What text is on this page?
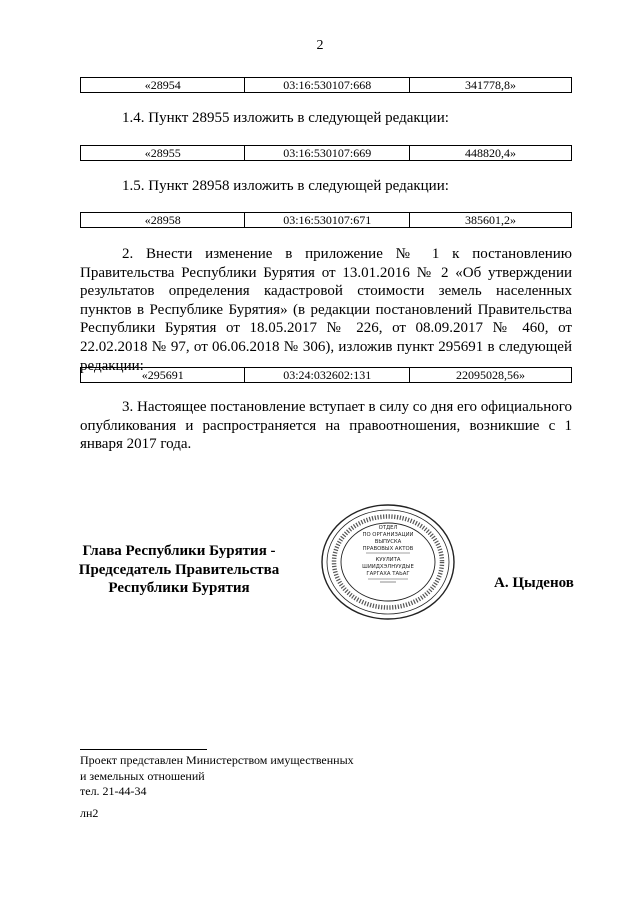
2
«28954	03:16:530107:668	341778,8»

1.4. Пункт 28955 изложить в следующей редакции:

«28955	03:16:530107:669	448820,4»

1.5. Пункт 28958 изложить в следующей редакции:

«28958	03:16:530107:671	385601,2»

2. Внести изменение в приложение № 1 к постановлению Правительства Республики Бурятия от 13.01.2016 № 2 «Об утверждении результатов определения кадастровой стоимости земель населенных пунктов в Республике Бурятия» (в редакции постановлений Правительства Республики Бурятия от 18.05.2017 № 226, от 08.09.2017 № 460, от 22.02.2018 № 97, от 06.06.2018 № 306), изложив пункт 295691 в следующей редакции:

«295691	03:24:032602:131	22095028,56»

3. Настоящее постановление вступает в силу со дня его официального опубликования и распространяется на правоотношения, возникшие с 1 января 2017 года.

Глава Республики Бурятия -
Председатель Правительства
Республики Бурятия
ОТДЕЛ
ПО ОРГАНИЗАЦИИ
ВЫПУСКА
ПРАВОВЫХ АКТОВ
КУУЛИТА
ШИИДХЭЛНУУДЫЕ
ГАРГАХА ТАЬАГ
А. Цыденов
Проект представлен Министерством имущественных
и земельных отношений
тел. 21-44-34
лн2
